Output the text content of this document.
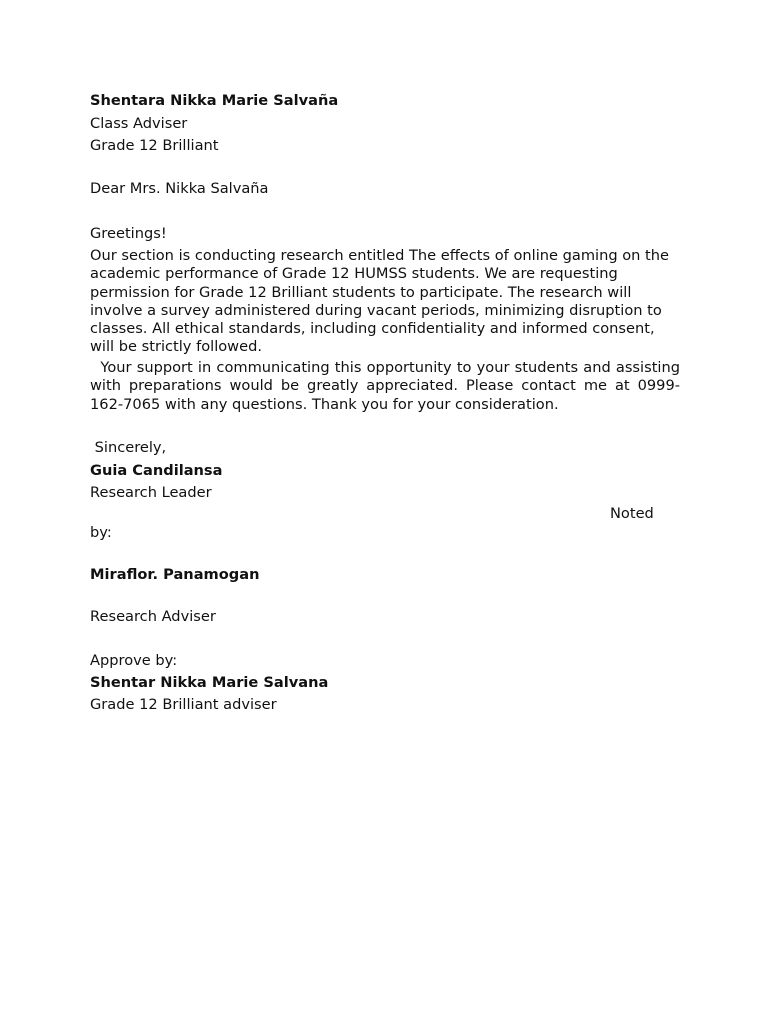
Shentara Nikka Marie Salvaña
Class Adviser
Grade 12 Brilliant
Dear Mrs. Nikka Salvaña
Greetings!
Our section is conducting research entitled The effects of online gaming on the academic performance of Grade 12 HUMSS students. We are requesting permission for Grade 12 Brilliant students to participate. The research will involve a survey administered during vacant periods, minimizing disruption to classes. All ethical standards, including confidentiality and informed consent, will be strictly followed.
Your support in communicating this opportunity to your students and assisting with preparations would be greatly appreciated. Please contact me at 0999-162-7065 with any questions. Thank you for your consideration.
Sincerely,
Guia Candilansa
Research Leader
Noted
by:
Miraflor. Panamogan
Research Adviser
Approve by:
Shentar Nikka Marie Salvana
Grade 12 Brilliant adviser
